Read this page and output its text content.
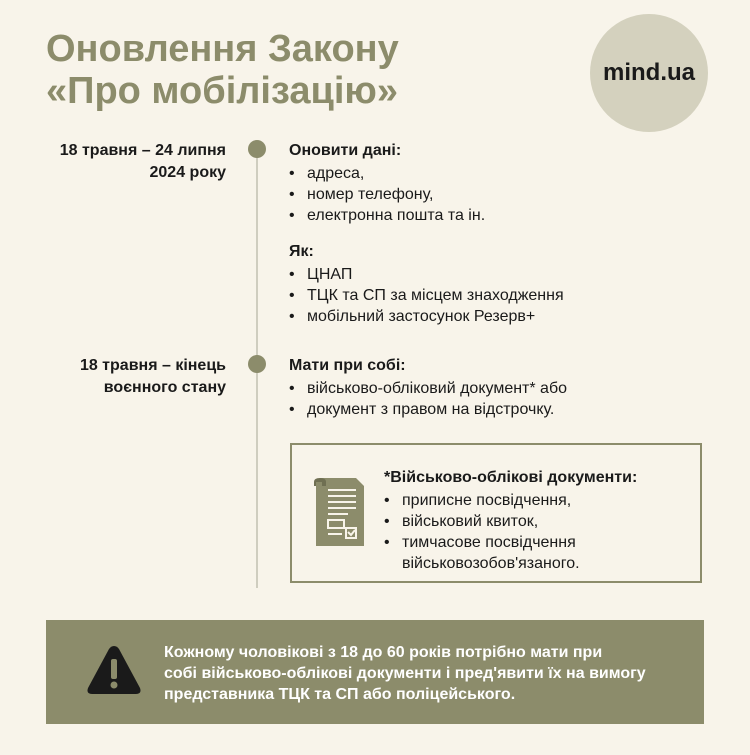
Оновлення Закону
«Про мобілізацію»	mind.ua
18 травня – 24 липня
2024 року
Оновити дані:
• адреса,
• номер телефону,
• електронна пошта та ін.
Як:
• ЦНАП
• ТЦК та СП за місцем знаходження
• мобільний застосунок Резерв+
18 травня – кінець
воєнного стану
Мати при собі:
• військово-обліковий документ* або
• документ з правом на відстрочку.
*Військово-облікові документи:
• приписне посвідчення,
• військовий квиток,
• тимчасове посвідчення
військовозобов'язаного.
Кожному чоловікові з 18 до 60 років потрібно мати при
собі військово-облікові документи і пред'явити їх на вимогу
представника ТЦК та СП або поліцейського.
